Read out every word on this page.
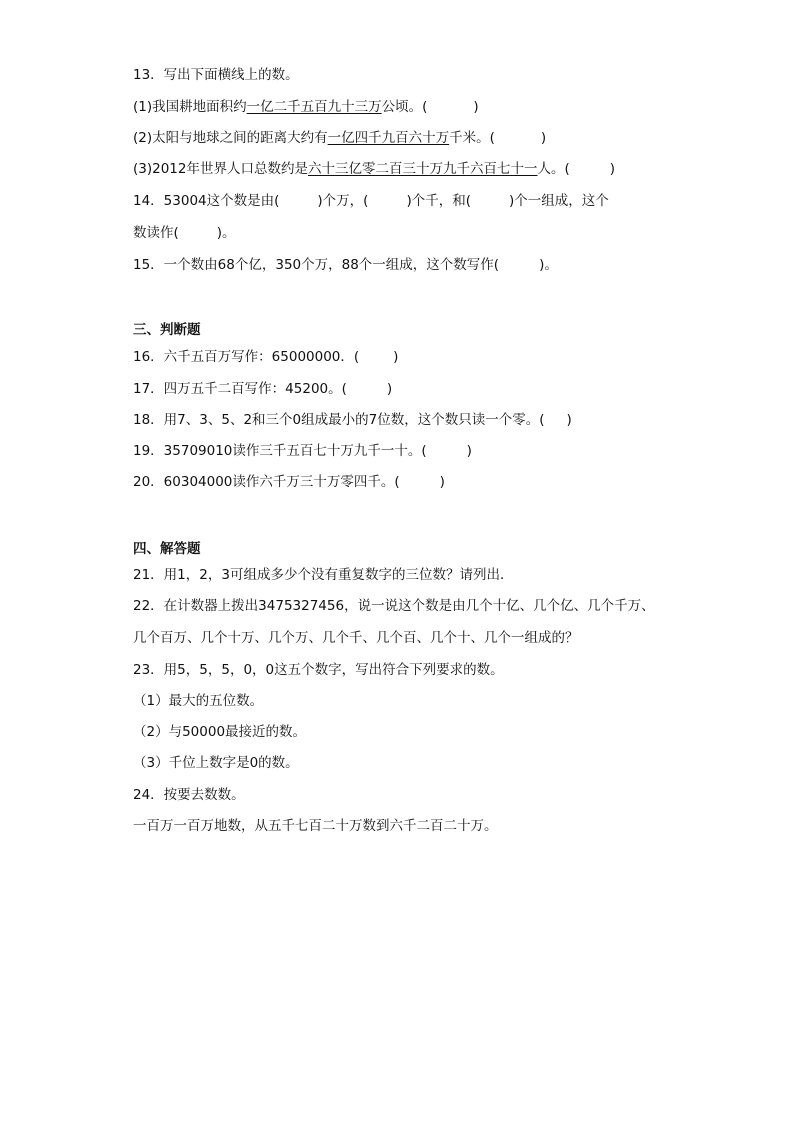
13．写出下面横线上的数。
(1)我国耕地面积约一亿二千五百九十三万公顷。(	)
(2)太阳与地球之间的距离大约有一亿四千九百六十万千米。(	)
(3)2012年世界人口总数约是六十三亿零二百三十万九千六百七十一人。(	)
14．53004这个数是由(	)个万，(	)个千，和(	)个一组成，这个
数读作(	)。
15．一个数由68个亿，350个万，88个一组成，这个数写作(	)。
三、判断题
16．六千五百万写作：65000000．(	)
17．四万五千二百写作：45200。(	)
18．用7、3、5、2和三个0组成最小的7位数，这个数只读一个零。( )
19．35709010读作三千五百七十万九千一十。(	)
20．60304000读作六千万三十万零四千。(	)
四、解答题
21．用1，2，3可组成多少个没有重复数字的三位数？请列出．
22．在计数器上拨出3475327456，说一说这个数是由几个十亿、几个亿、几个千万、
几个百万、几个十万、几个万、几个千、几个百、几个十、几个一组成的？
23．用5，5，5，0，0这五个数字，写出符合下列要求的数。
（1）最大的五位数。
（2）与50000最接近的数。
（3）千位上数字是0的数。
24．按要去数数。
一百万一百万地数，从五千七百二十万数到六千二百二十万。
